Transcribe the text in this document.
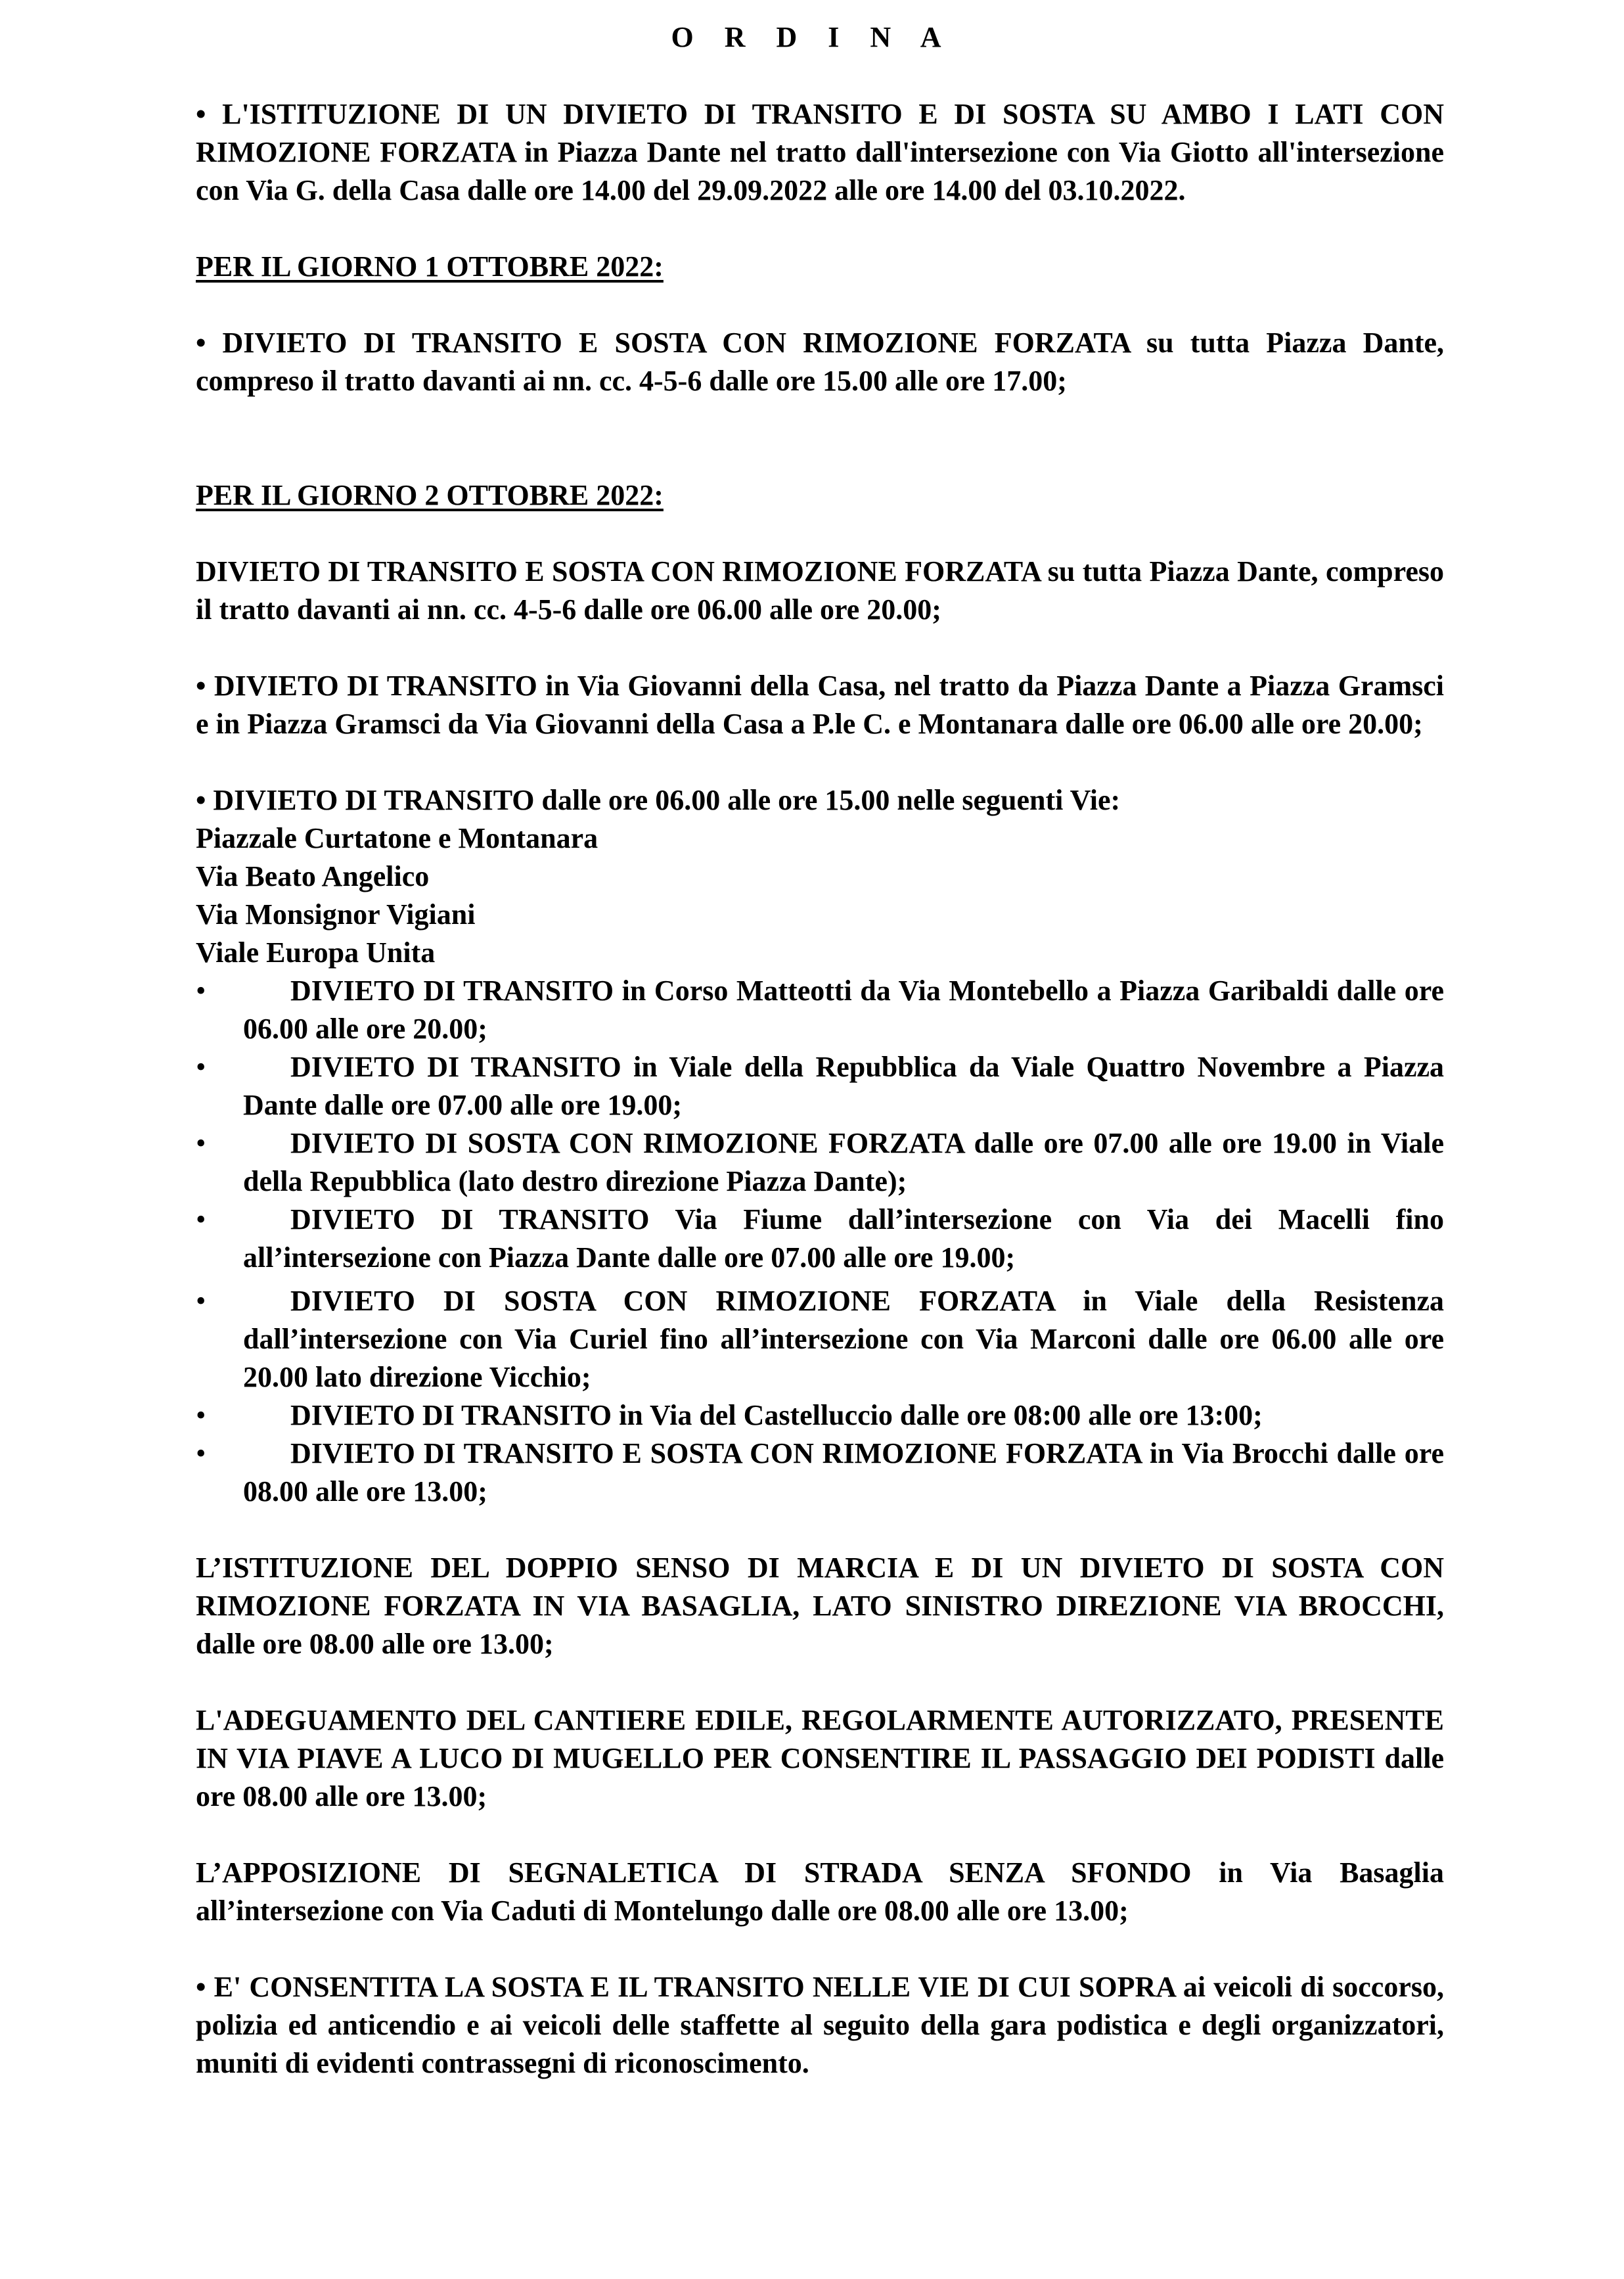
O R D I N A

• L'ISTITUZIONE DI UN DIVIETO DI TRANSITO E DI SOSTA SU AMBO I LATI CON RIMOZIONE FORZATA in Piazza Dante nel tratto dall'intersezione con Via Giotto all'intersezione con Via G. della Casa dalle ore 14.00 del 29.09.2022 alle ore 14.00 del 03.10.2022.

PER IL GIORNO 1 OTTOBRE 2022:

• DIVIETO DI TRANSITO E SOSTA CON RIMOZIONE FORZATA su tutta Piazza Dante, compreso il tratto davanti ai nn. cc. 4-5-6 dalle ore 15.00 alle ore 17.00;

PER IL GIORNO 2 OTTOBRE 2022:

DIVIETO DI TRANSITO E SOSTA CON RIMOZIONE FORZATA su tutta Piazza Dante, compreso il tratto davanti ai nn. cc. 4-5-6 dalle ore 06.00 alle ore 20.00;

• DIVIETO DI TRANSITO in Via Giovanni della Casa, nel tratto da Piazza Dante a Piazza Gramsci e in Piazza Gramsci da Via Giovanni della Casa a P.le C. e Montanara dalle ore 06.00 alle ore 20.00;

• DIVIETO DI TRANSITO dalle ore 06.00 alle ore 15.00 nelle seguenti Vie:

Piazzale Curtatone e Montanara

Via Beato Angelico

Via Monsignor Vigiani

Viale Europa Unita

•	DIVIETO DI TRANSITO in Corso Matteotti da Via Montebello a Piazza Garibaldi dalle ore 06.00 alle ore 20.00;
•	DIVIETO DI TRANSITO in Viale della Repubblica da Viale Quattro Novembre a Piazza Dante dalle ore 07.00 alle ore 19.00;
•	DIVIETO DI SOSTA CON RIMOZIONE FORZATA dalle ore 07.00 alle ore 19.00 in Viale della Repubblica (lato destro direzione Piazza Dante);
•	DIVIETO DI TRANSITO Via Fiume dall’intersezione con Via dei Macelli fino all’intersezione con Piazza Dante dalle ore 07.00 alle ore 19.00;
•	DIVIETO DI SOSTA CON RIMOZIONE FORZATA in Viale della Resistenza dall’intersezione con Via Curiel fino all’intersezione con Via Marconi dalle ore 06.00 alle ore 20.00 lato direzione Vicchio;
•	DIVIETO DI TRANSITO in Via del Castelluccio dalle ore 08:00 alle ore 13:00;
•	DIVIETO DI TRANSITO E SOSTA CON RIMOZIONE FORZATA in Via Brocchi dalle ore 08.00 alle ore 13.00;

L’ISTITUZIONE DEL DOPPIO SENSO DI MARCIA E DI UN DIVIETO DI SOSTA CON RIMOZIONE FORZATA IN VIA BASAGLIA, LATO SINISTRO DIREZIONE VIA BROCCHI, dalle ore 08.00 alle ore 13.00;

L'ADEGUAMENTO DEL CANTIERE EDILE, REGOLARMENTE AUTORIZZATO, PRESENTE IN VIA PIAVE A LUCO DI MUGELLO PER CONSENTIRE IL PASSAGGIO DEI PODISTI dalle ore 08.00 alle ore 13.00;

L’APPOSIZIONE DI SEGNALETICA DI STRADA SENZA SFONDO in Via Basaglia all’intersezione con Via Caduti di Montelungo dalle ore 08.00 alle ore 13.00;

• E' CONSENTITA LA SOSTA E IL TRANSITO NELLE VIE DI CUI SOPRA ai veicoli di soccorso, polizia ed anticendio e ai veicoli delle staffette al seguito della gara podistica e degli organizzatori, muniti di evidenti contrassegni di riconoscimento.
